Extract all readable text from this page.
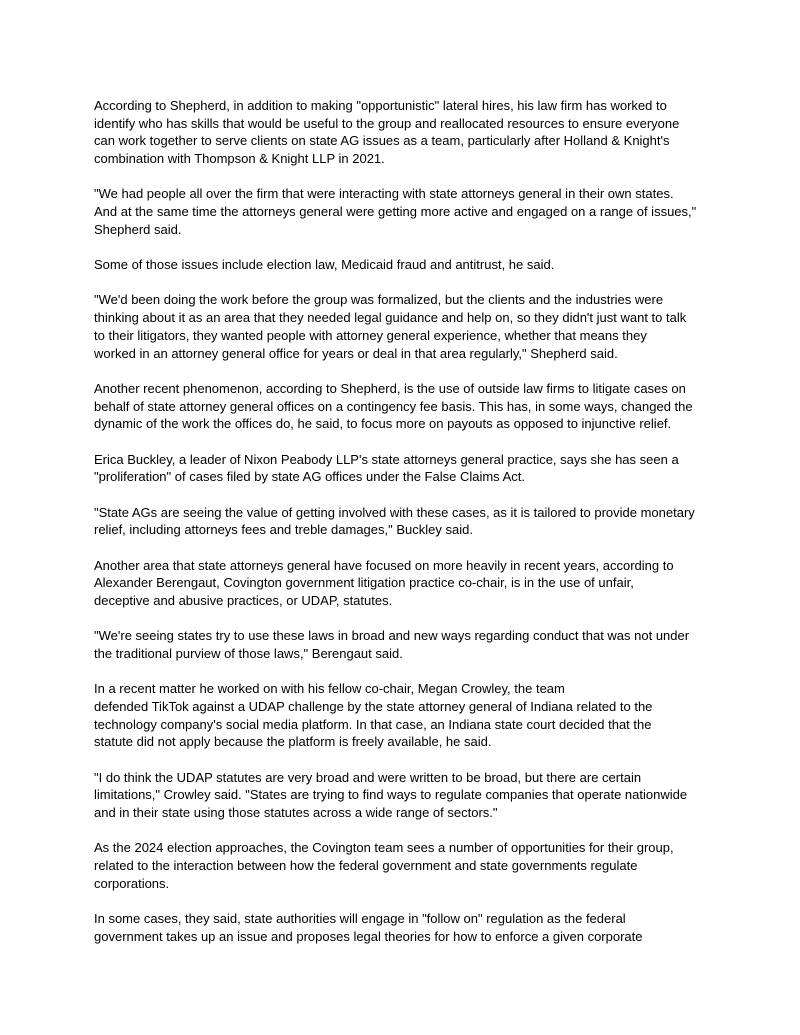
According to Shepherd, in addition to making "opportunistic" lateral hires, his law firm has worked to
identify who has skills that would be useful to the group and reallocated resources to ensure everyone
can work together to serve clients on state AG issues as a team, particularly after Holland & Knight's
combination with Thompson & Knight LLP in 2021.

"We had people all over the firm that were interacting with state attorneys general in their own states.
And at the same time the attorneys general were getting more active and engaged on a range of issues,"
Shepherd said.

Some of those issues include election law, Medicaid fraud and antitrust, he said.

"We'd been doing the work before the group was formalized, but the clients and the industries were
thinking about it as an area that they needed legal guidance and help on, so they didn't just want to talk
to their litigators, they wanted people with attorney general experience, whether that means they
worked in an attorney general office for years or deal in that area regularly," Shepherd said.

Another recent phenomenon, according to Shepherd, is the use of outside law firms to litigate cases on
behalf of state attorney general offices on a contingency fee basis. This has, in some ways, changed the
dynamic of the work the offices do, he said, to focus more on payouts as opposed to injunctive relief.

Erica Buckley, a leader of Nixon Peabody LLP's state attorneys general practice, says she has seen a
"proliferation" of cases filed by state AG offices under the False Claims Act.

"State AGs are seeing the value of getting involved with these cases, as it is tailored to provide monetary
relief, including attorneys fees and treble damages," Buckley said.

Another area that state attorneys general have focused on more heavily in recent years, according to
Alexander Berengaut, Covington government litigation practice co-chair, is in the use of unfair,
deceptive and abusive practices, or UDAP, statutes.

"We're seeing states try to use these laws in broad and new ways regarding conduct that was not under
the traditional purview of those laws," Berengaut said.

In a recent matter he worked on with his fellow co-chair, Megan Crowley, the team
defended TikTok against a UDAP challenge by the state attorney general of Indiana related to the
technology company's social media platform. In that case, an Indiana state court decided that the
statute did not apply because the platform is freely available, he said.

"I do think the UDAP statutes are very broad and were written to be broad, but there are certain
limitations," Crowley said. "States are trying to find ways to regulate companies that operate nationwide
and in their state using those statutes across a wide range of sectors."

As the 2024 election approaches, the Covington team sees a number of opportunities for their group,
related to the interaction between how the federal government and state governments regulate
corporations.

In some cases, they said, state authorities will engage in "follow on" regulation as the federal
government takes up an issue and proposes legal theories for how to enforce a given corporate
